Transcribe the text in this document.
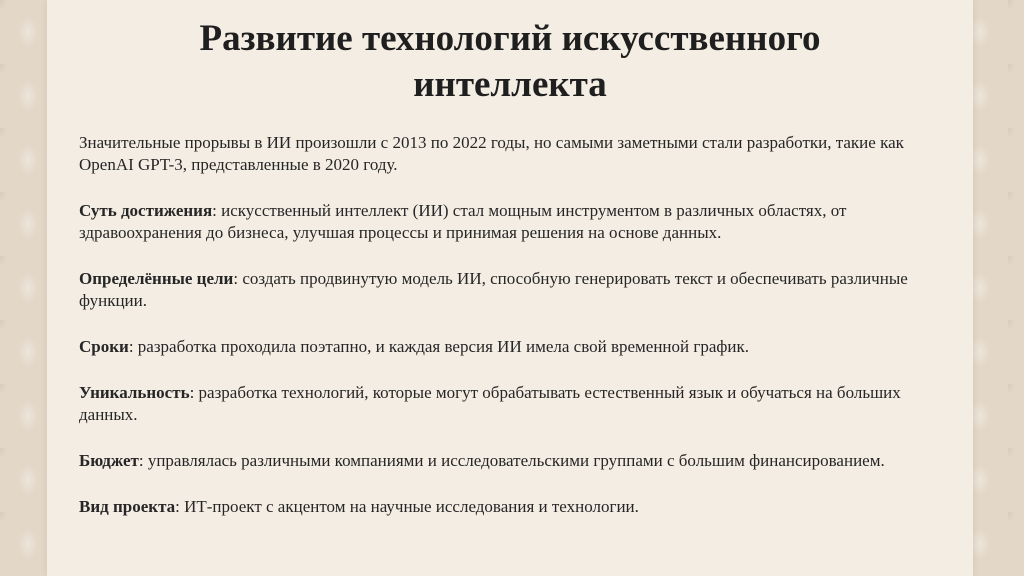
Развитие технологий искусственного интеллекта

Значительные прорывы в ИИ произошли с 2013 по 2022 годы, но самыми заметными стали разработки, такие как OpenAI GPT-3, представленные в 2020 году.

Суть достижения: искусственный интеллект (ИИ) стал мощным инструментом в различных областях, от здравоохранения до бизнеса, улучшая процессы и принимая решения на основе данных.

Определённые цели: создать продвинутую модель ИИ, способную генерировать текст и обеспечивать различные функции.

Сроки: разработка проходила поэтапно, и каждая версия ИИ имела свой временной график.

Уникальность: разработка технологий, которые могут обрабатывать естественный язык и обучаться на больших данных.

Бюджет: управлялась различными компаниями и исследовательскими группами с большим финансированием.

Вид проекта: ИТ-проект с акцентом на научные исследования и технологии.
